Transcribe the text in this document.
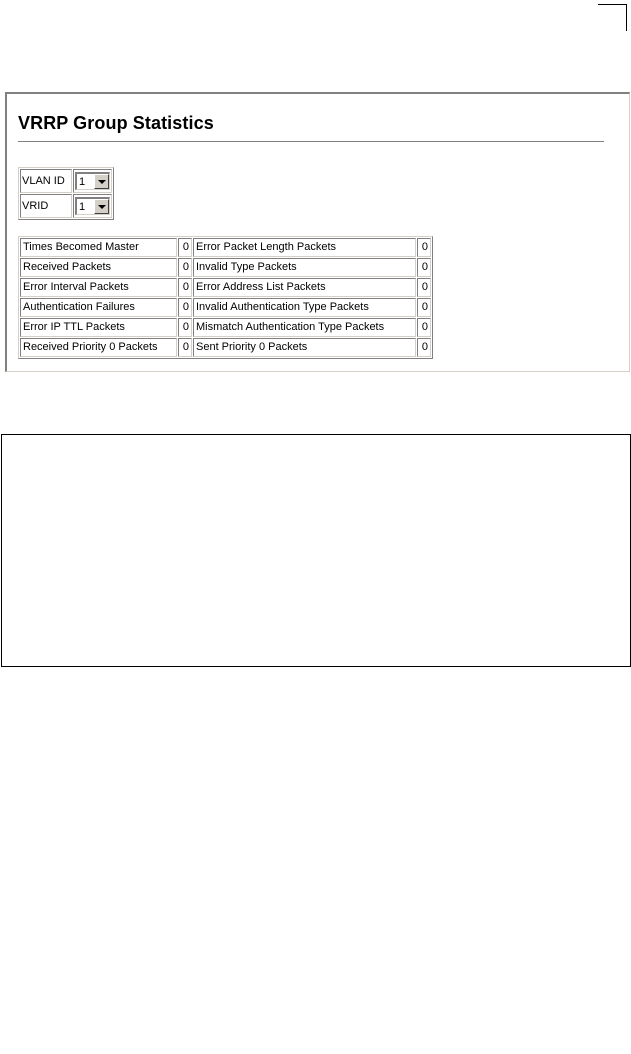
VRRP Group Statistics
VLAN ID	1

VRID	1
Times Becomed Master	0	Error Packet Length Packets	0
Received Packets	0	Invalid Type Packets	0
Error Interval Packets	0	Error Address List Packets	0
Authentication Failures	0	Invalid Authentication Type Packets	0
Error IP TTL Packets	0	Mismatch Authentication Type Packets	0
Received Priority 0 Packets	0	Sent Priority 0 Packets	0
